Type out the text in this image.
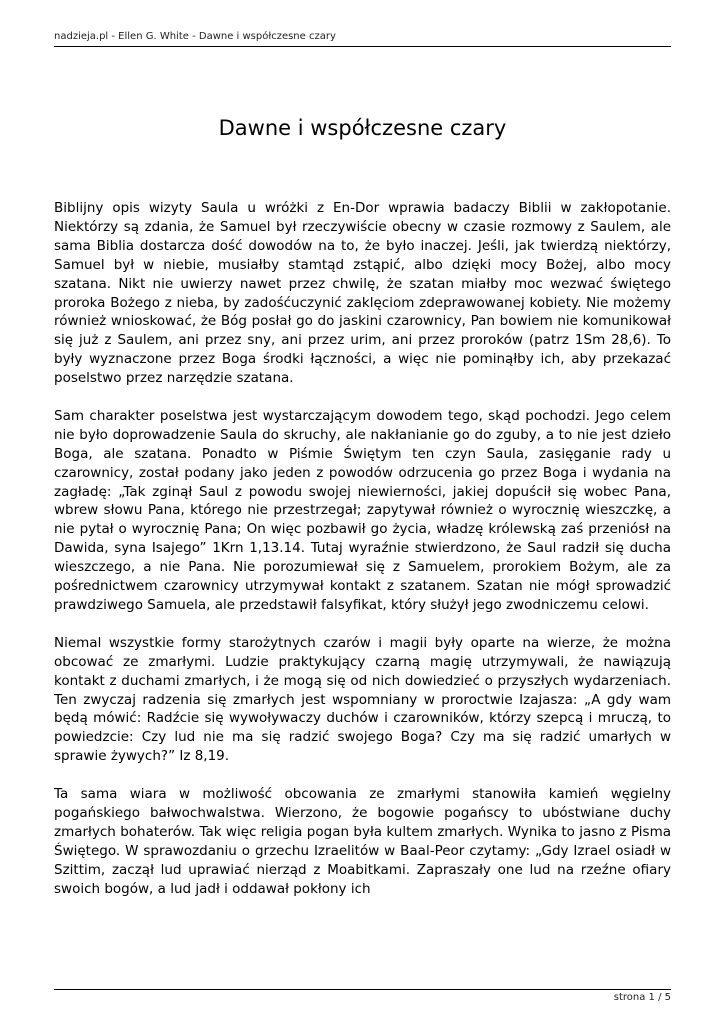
nadzieja.pl - Ellen G. White - Dawne i współczesne czary
Dawne i współczesne czary

Biblijny opis wizyty Saula u wróżki z En-Dor wprawia badaczy Biblii w zakłopotanie. Niektórzy są zdania, że Samuel był rzeczywiście obecny w czasie rozmowy z Saulem, ale sama Biblia dostarcza dość dowodów na to, że było inaczej. Jeśli, jak twierdzą niektórzy, Samuel był w niebie, musiałby stamtąd zstąpić, albo dzięki mocy Bożej, albo mocy szatana. Nikt nie uwierzy nawet przez chwilę, że szatan miałby moc wezwać świętego proroka Bożego z nieba, by zadośćuczynić zaklęciom zdeprawowanej kobiety. Nie możemy również wnioskować, że Bóg posłał go do jaskini czarownicy, Pan bowiem nie komunikował się już z Saulem, ani przez sny, ani przez urim, ani przez proroków (patrz 1Sm 28,6). To były wyznaczone przez Boga środki łączności, a więc nie pominąłby ich, aby przekazać poselstwo przez narzędzie szatana.

Sam charakter poselstwa jest wystarczającym dowodem tego, skąd pochodzi. Jego celem nie było doprowadzenie Saula do skruchy, ale nakłanianie go do zguby, a to nie jest dzieło Boga, ale szatana. Ponadto w Piśmie Świętym ten czyn Saula, zasięganie rady u czarownicy, został podany jako jeden z powodów odrzucenia go przez Boga i wydania na zagładę: „Tak zginął Saul z powodu swojej niewierności, jakiej dopuścił się wobec Pana, wbrew słowu Pana, którego nie przestrzegał; zapytywał również o wyrocznię wieszczkę, a nie pytał o wyrocznię Pana; On więc pozbawił go życia, władzę królewską zaś przeniósł na Dawida, syna Isajego” 1Krn 1,13.14. Tutaj wyraźnie stwierdzono, że Saul radził się ducha wieszczego, a nie Pana. Nie porozumiewał się z Samuelem, prorokiem Bożym, ale za pośrednictwem czarownicy utrzymywał kontakt z szatanem. Szatan nie mógł sprowadzić prawdziwego Samuela, ale przedstawił falsyfikat, który służył jego zwodniczemu celowi.

Niemal wszystkie formy starożytnych czarów i magii były oparte na wierze, że można obcować ze zmarłymi. Ludzie praktykujący czarną magię utrzymywali, że nawiązują kontakt z duchami zmarłych, i że mogą się od nich dowiedzieć o przyszłych wydarzeniach. Ten zwyczaj radzenia się zmarłych jest wspomniany w proroctwie Izajasza: „A gdy wam będą mówić: Radźcie się wywoływaczy duchów i czarowników, którzy szepcą i mruczą, to powiedzcie: Czy lud nie ma się radzić swojego Boga? Czy ma się radzić umarłych w sprawie żywych?” Iz 8,19.

Ta sama wiara w możliwość obcowania ze zmarłymi stanowiła kamień węgielny pogańskiego bałwochwalstwa. Wierzono, że bogowie pogańscy to ubóstwiane duchy zmarłych bohaterów. Tak więc religia pogan była kultem zmarłych. Wynika to jasno z Pisma Świętego. W sprawozdaniu o grzechu Izraelitów w Baal-Peor czytamy: „Gdy Izrael osiadł w Szittim, zaczął lud uprawiać nierząd z Moabitkami. Zapraszały one lud na rzeźne ofiary swoich bogów, a lud jadł i oddawał pokłony ich

strona 1 / 5
